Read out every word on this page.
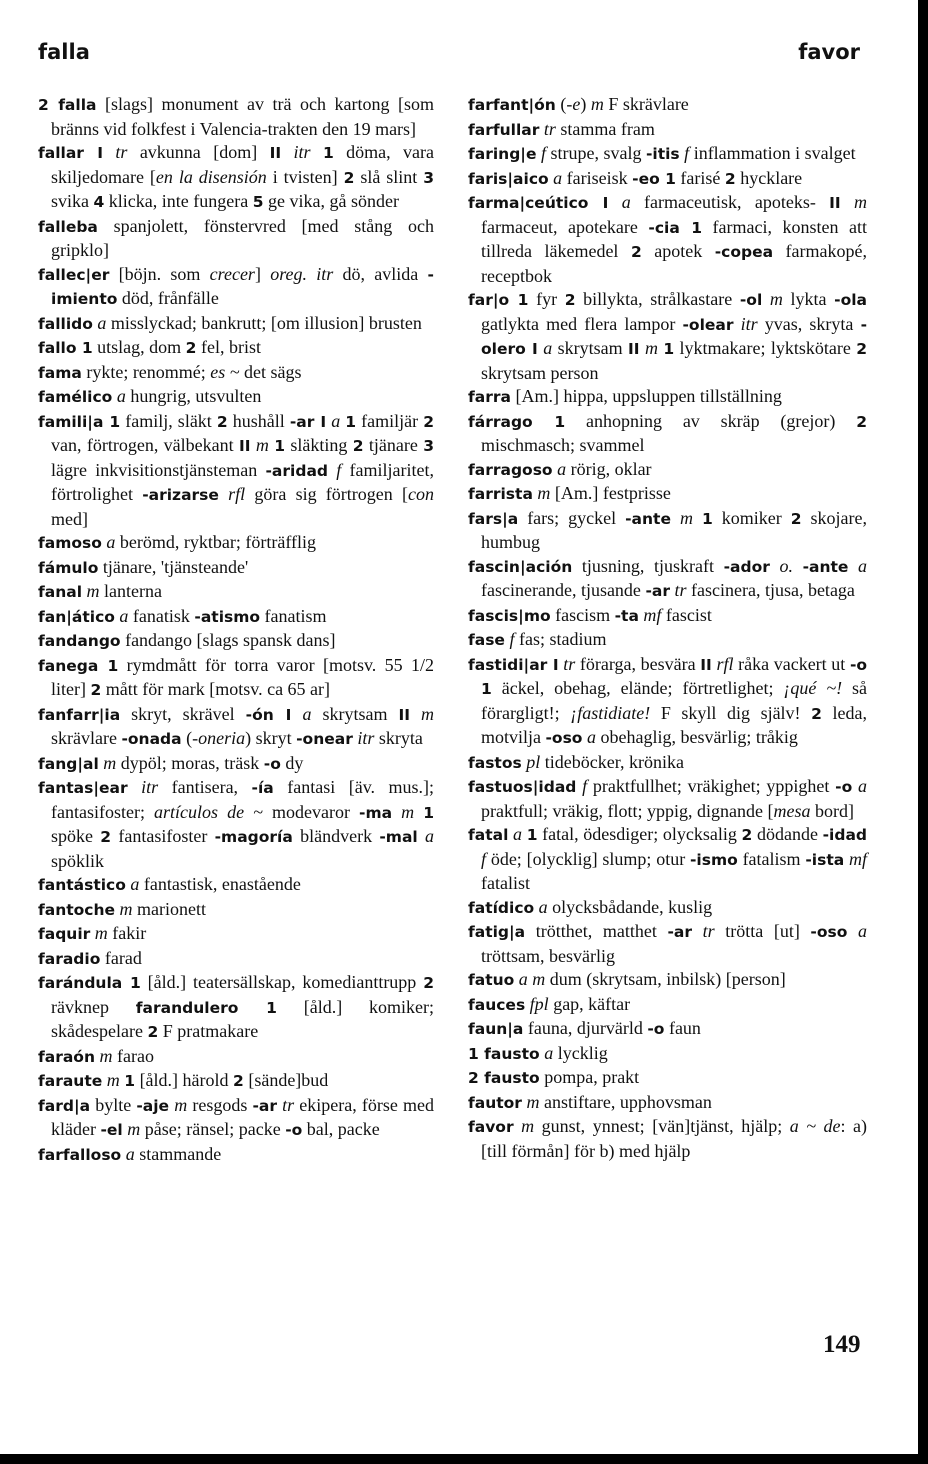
falla	favor
2 falla [slags] monument av trä och kartong [som bränns vid folkfest i Valencia-trakten den 19 mars]
fallar I tr avkunna [dom] II itr 1 döma, vara skiljedomare [en la disensión i tvisten] 2 slå slint 3 svika 4 klicka, inte fungera 5 ge vika, gå sönder
falleba spanjolett, fönstervred [med stång och gripklo]
fallec|er [böjn. som crecer] oreg. itr dö, avlida -imiento död, frånfälle
fallido a misslyckad; bankrutt; [om illusion] brusten
fallo 1 utslag, dom 2 fel, brist
fama rykte; renommé; es ~ det sägs
famélico a hungrig, utsvulten
famili|a 1 familj, släkt 2 hushåll -ar I a 1 familjär 2 van, förtrogen, välbekant II m 1 släkting 2 tjänare 3 lägre inkvisitionstjänsteman -aridad f familjaritet, förtrolighet -arizarse rfl göra sig förtrogen [con med]
famoso a berömd, ryktbar; förträfflig
fámulo tjänare, 'tjänsteande'
fanal m lanterna
fan|ático a fanatisk -atismo fanatism
fandango fandango [slags spansk dans]
fanega 1 rymdmått för torra varor [motsv. 55 1/2 liter] 2 mått för mark [motsv. ca 65 ar]
fanfarr|ia skryt, skrävel -ón I a skrytsam II m skrävlare -onada (-oneria) skryt -onear itr skryta
fang|al m dypöl; moras, träsk -o dy
fantas|ear itr fantisera, -ía fantasi [äv. mus.]; fantasifoster; artículos de ~ modevaror -ma m 1 spöke 2 fantasifoster -magoría bländverk -mal a spöklik
fantástico a fantastisk, enastående
fantoche m marionett
faquir m fakir
faradio farad
farándula 1 [åld.] teatersällskap, komedianttrupp 2 rävknep farandulero 1 [åld.] komiker; skådespelare 2 F pratmakare
faraón m farao
faraute m 1 [åld.] härold 2 [sände]bud
fard|a bylte -aje m resgods -ar tr ekipera, förse med kläder -el m påse; ränsel; packe -o bal, packe
farfalloso a stammande
farfant|ón (-e) m F skrävlare
farfullar tr stamma fram
faring|e f strupe, svalg -itis f inflammation i svalget
faris|aico a fariseisk -eo 1 farisé 2 hycklare
farma|ceútico I a farmaceutisk, apoteks- II m farmaceut, apotekare -cia 1 farmaci, konsten att tillreda läkemedel 2 apotek -copea farmakopé, receptbok
far|o 1 fyr 2 billykta, strålkastare -ol m lykta -ola gatlykta med flera lampor -olear itr yvas, skryta -olero I a skrytsam II m 1 lyktmakare; lyktskötare 2 skrytsam person
farra [Am.] hippa, uppsluppen tillställning
fárrago 1 anhopning av skräp (grejor) 2 mischmasch; svammel
farragoso a rörig, oklar
farrista m [Am.] festprisse
fars|a fars; gyckel -ante m 1 komiker 2 skojare, humbug
fascin|ación tjusning, tjuskraft -ador o. -ante a fascinerande, tjusande -ar tr fascinera, tjusa, betaga
fascis|mo fascism -ta mf fascist
fase f fas; stadium
fastidi|ar I tr förarga, besvära II rfl råka vackert ut -o 1 äckel, obehag, elände; förtretlighet; ¡qué ~! så förargligt!; ¡fastidiate! F skyll dig själv! 2 leda, motvilja -oso a obehaglig, besvärlig; tråkig
fastos pl tideböcker, krönika
fastuos|idad f praktfullhet; vräkighet; yppighet -o a praktfull; vräkig, flott; yppig, dignande [mesa bord]
fatal a 1 fatal, ödesdiger; olycksalig 2 dödande -idad f öde; [olycklig] slump; otur -ismo fatalism -ista mf fatalist
fatídico a olycksbådande, kuslig
fatig|a trötthet, matthet -ar tr trötta [ut] -oso a tröttsam, besvärlig
fatuo a m dum (skrytsam, inbilsk) [person]
fauces fpl gap, käftar
faun|a fauna, djurvärld -o faun
1 fausto a lycklig
2 fausto pompa, prakt
fautor m anstiftare, upphovsman
favor m gunst, ynnest; [vän]tjänst, hjälp; a ~ de: a) [till förmån] för b) med hjälp
149
